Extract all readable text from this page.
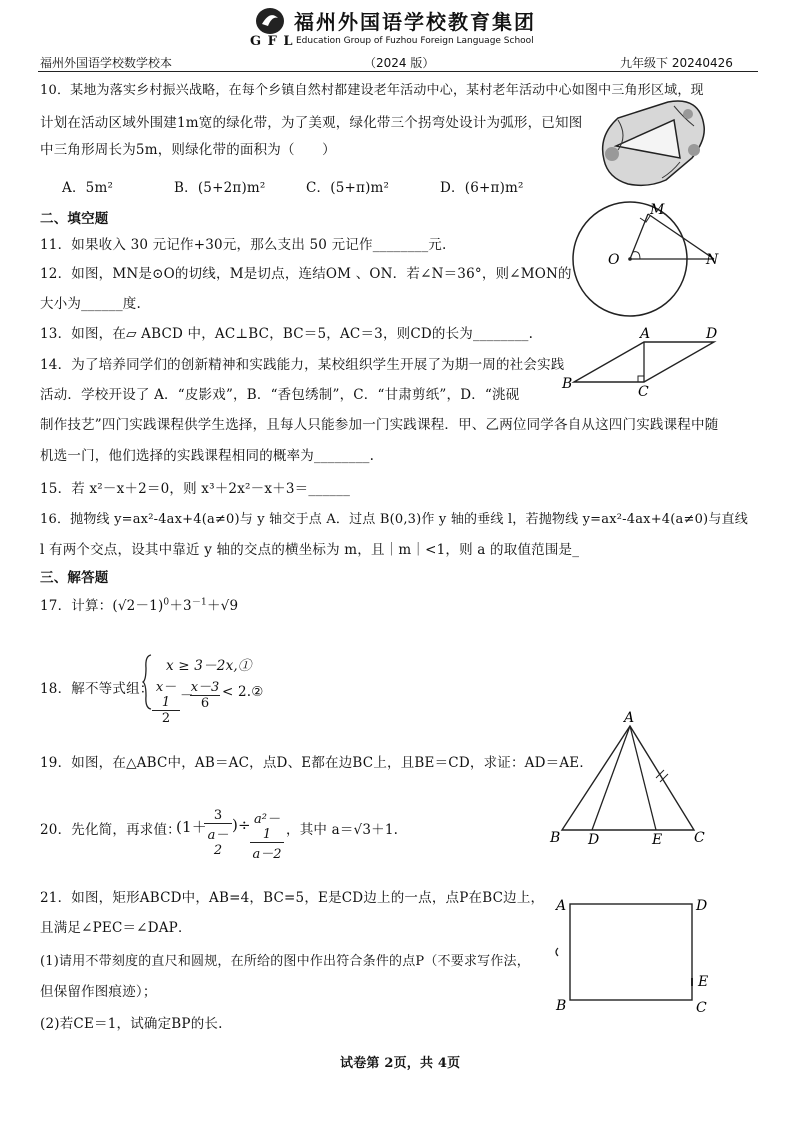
福州外国语学校教育集团
G F L Education Group of Fuzhou Foreign Language School
福州外国语学校数学校本	（2024 版）	九年级下 20240426
10．某地为落实乡村振兴战略，在每个乡镇自然村都建设老年活动中心，某村老年活动中心如图中三角形区域，现
计划在活动区域外围建1m宽的绿化带，为了美观，绿化带三个拐弯处设计为弧形，已知图
中三角形周长为5m，则绿化带的面积为（　　）
A．5m²	B．(5+2π)m²	C．(5+π)m²	D．(6+π)m²
二、填空题
11．如果收入 30 元记作+30元，那么支出 50 元记作________元.
12．如图，MN是⊙O的切线，M是切点，连结OM 、ON．若∠N＝36°，则∠MON的
大小为______度.
M
O	N
13．如图，在▱ ABCD 中，AC⊥BC，BC＝5，AC＝3，则CD的长为________.	A	D
B	C
14．为了培养同学们的创新精神和实践能力，某校组织学生开展了为期一周的社会实践
活动．学校开设了 A．“皮影戏”，B．“香包绣制”，C．“甘肃剪纸”，D．“洮砚
制作技艺”四门实践课程供学生选择，且每人只能参加一门实践课程．甲、乙两位同学各自从这四门实践课程中随
机选一门，他们选择的实践课程相同的概率为________.
15．若 x²－x＋2＝0，则 x³＋2x²－x＋3＝______
16．抛物线 y=ax²-4ax+4(a≠0)与 y 轴交于点 A．过点 B(0,3)作 y 轴的垂线 l，若抛物线 y=ax²-4ax+4(a≠0)与直线
l 有两个交点，设其中靠近 y 轴的交点的横坐标为 m，且｜m｜<1，则 a 的取值范围是_
三、解答题
17．计算：$(√2-1)^0+3^{-1}+√9$
18．解不等式组：
x ≥ 3－2x,①
$\frac{x-1}{2}$ －
$\frac{x-3}{6}$ < 2.②
19．如图，在△ABC中，AB＝AC，点D、E都在边BC上，且BE＝CD，求证：AD＝AE．
A
B D	E C
20．先化简，再求值：
(1＋
$\frac{3}{a-2}$ )÷ $\frac{\text{a²－1}}{a-2}$ ，其中 a＝√3＋1.
21．如图，矩形ABCD中，AB=4，BC=5，E是CD边上的一点，点P在BC边上，
且满足∠PEC＝∠DAP．
(1)请用不带刻度的直尺和圆规，在所给的图中作出符合条件的点P（不要求写作法，
但保留作图痕迹）；
(2)若CE＝1，试确定BP的长.
A	D
E
B	C
试卷第 2页，共 4页
